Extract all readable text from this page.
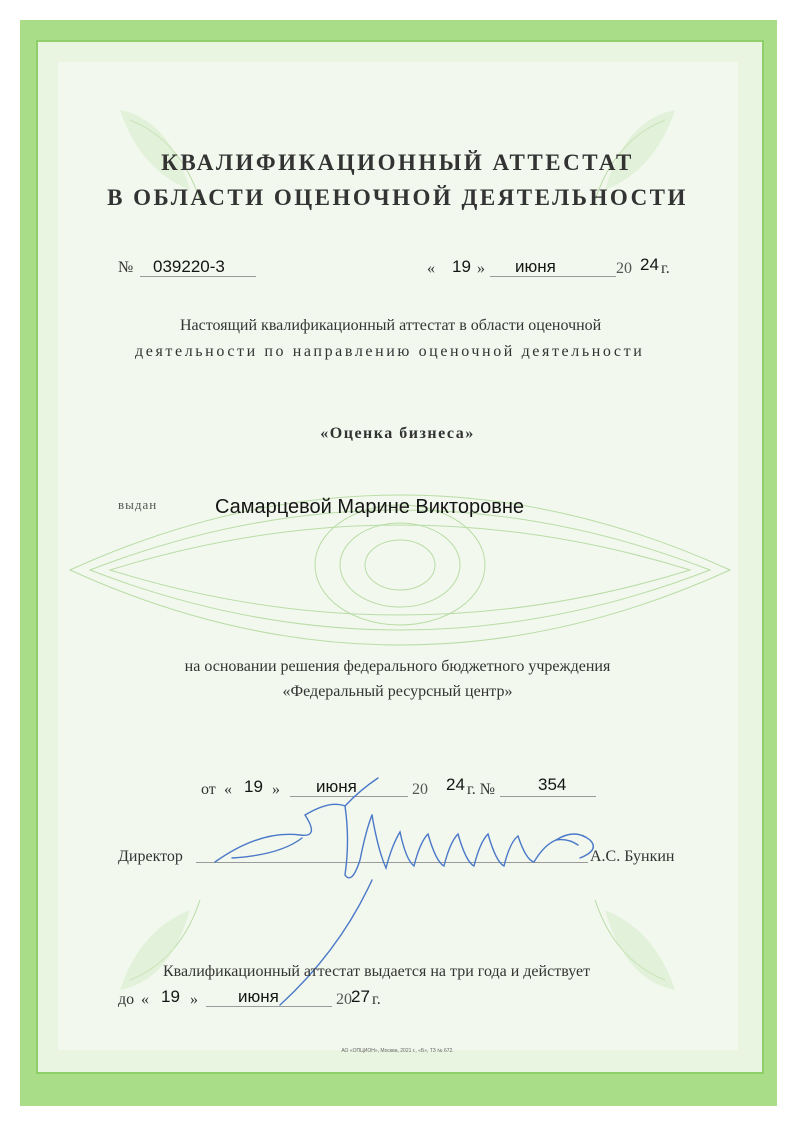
КВАЛИФИКАЦИОННЫЙ АТТЕСТАТ
В ОБЛАСТИ ОЦЕНОЧНОЙ ДЕЯТЕЛЬНОСТИ
№ 039220-3	« 19 » июня	20 24 г.
Настоящий квалификационный аттестат в области оценочной
деятельности по направлению оценочной деятельности
«Оценка бизнеса»
выдан	Самарцевой Марине Викторовне
на основании решения федерального бюджетного учреждения
«Федеральный ресурсный центр»
от « 19 » июня	20 24 г. №	354
Директор	А.С. Бункин
Квалификационный аттестат выдается на три года и действует
до « 19 » июня	20 27 г.
АО «ОПЦИОН», Москва, 2021 г., «Б», ТЗ № 672.
